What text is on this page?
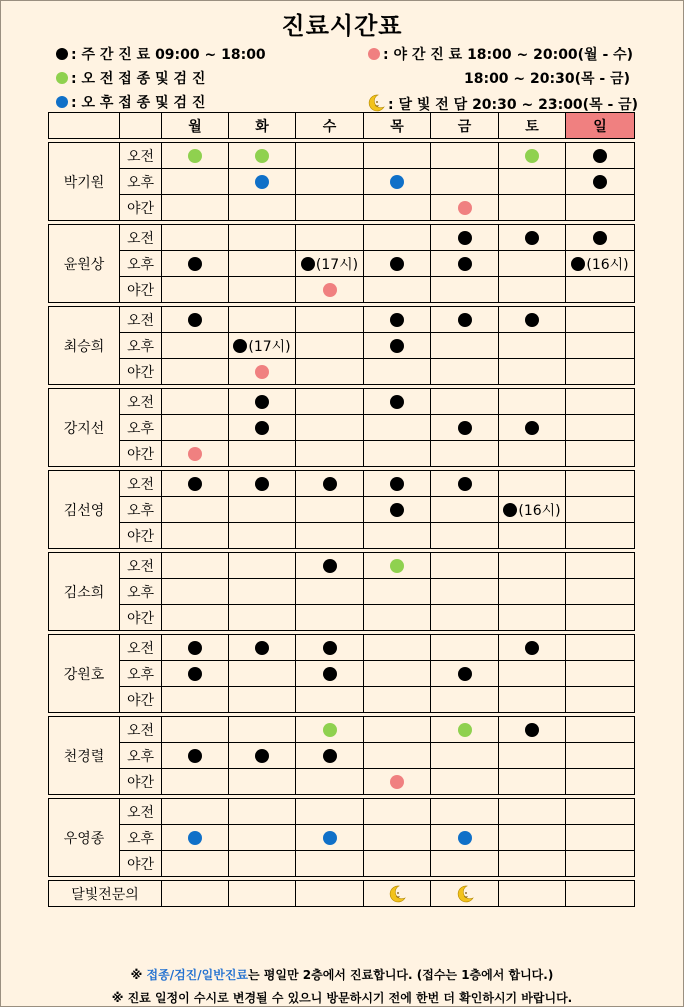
진료시간표
: 주 간 진 료 09:00 ~ 18:00
: 오 전 접 종 및 검 진
: 오 후 접 종 및 검 진
: 야 간 진 료 18:00 ~ 20:00(월 - 수)
18:00 ~ 20:30(목 - 금)
: 달 빛 전 담 20:30 ~ 23:00(목 - 금)
		월	화	수	목	금	토	일

박기원	오전							
	오후							
	야간							

윤원상	오전							
	오후			(17시)				(16시)
	야간							

최승희	오전							
	오후		(17시)					
	야간							

강지선	오전							
	오후							
	야간							

김선영	오전							
	오후						(16시)	
	야간							

김소희	오전							
	오후							
	야간							

강원호	오전							
	오후							
	야간							

천경렬	오전							
	오후							
	야간							

우영종	오전							
	오후							
	야간							

달빛전문의							
※ 접종/검진/일반진료는 평일만 2층에서 진료합니다. (접수는 1층에서 합니다.)
※ 진료 일정이 수시로 변경될 수 있으니 방문하시기 전에 한번 더 확인하시기 바랍니다.
